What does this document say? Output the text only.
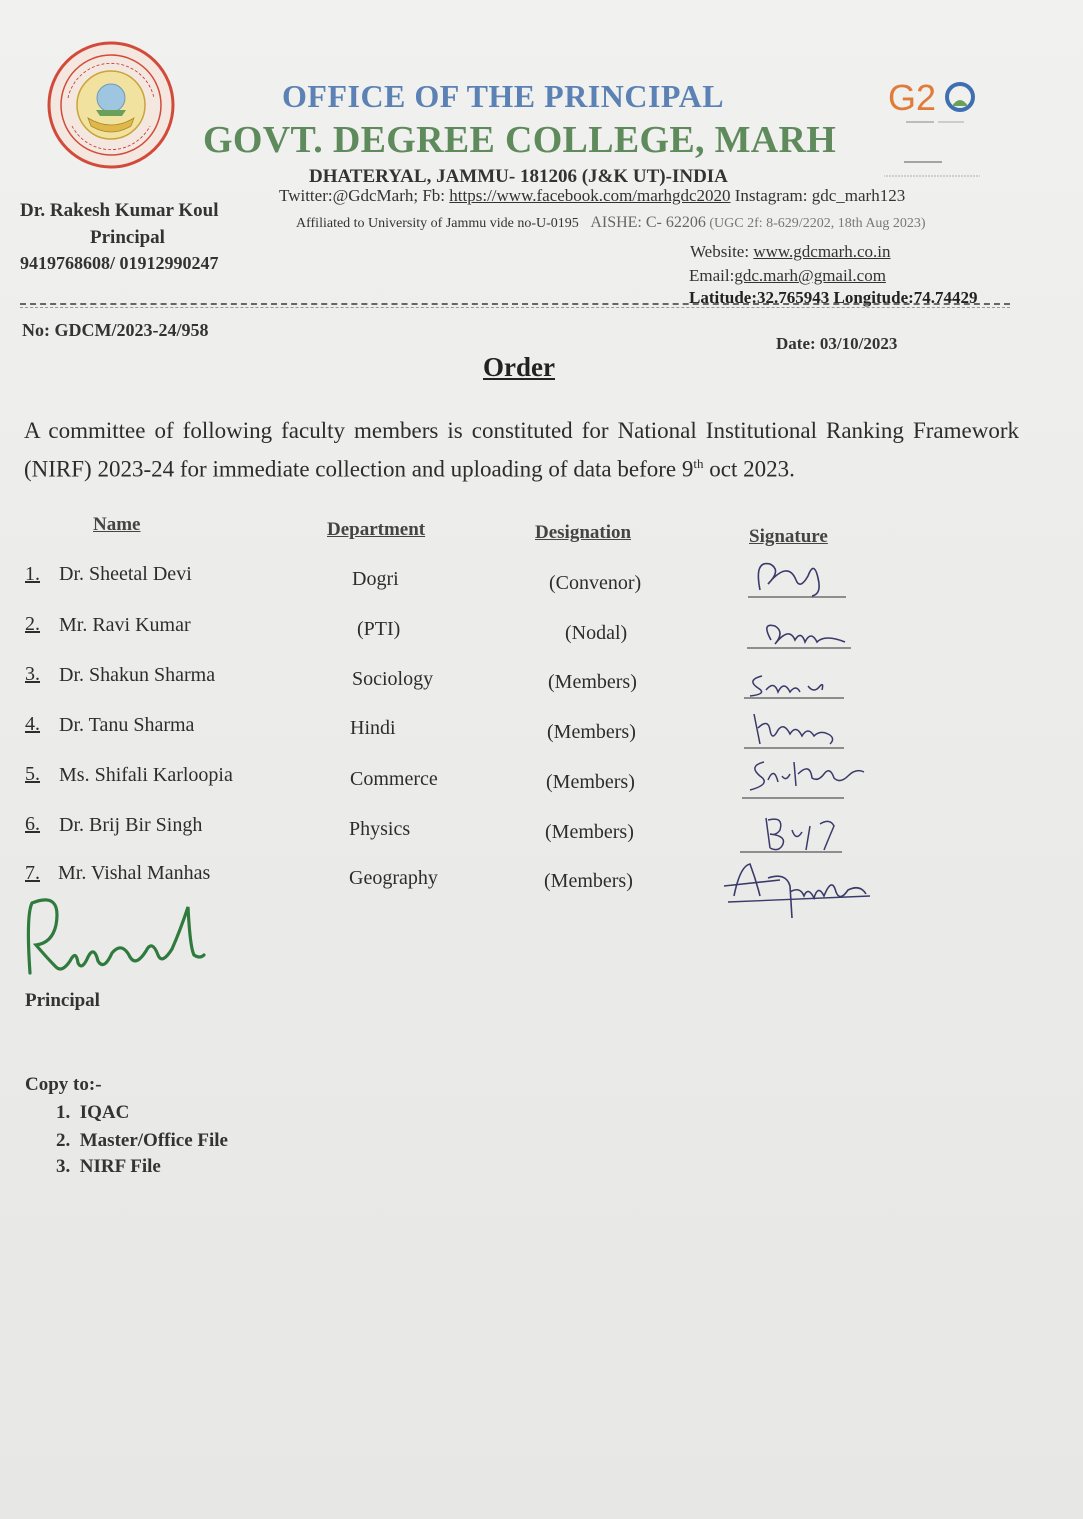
OFFICE OF THE PRINCIPAL
GOVT. DEGREE COLLEGE, MARH
DHATERYAL, JAMMU- 181206 (J&K UT)-INDIA
Twitter:@GdcMarh; Fb: https://www.facebook.com/marhgdc2020 Instagram: gdc_marh123
Affiliated to University of Jammu vide no-U-0195 AISHE: C- 62206 (UGC 2f: 8-629/2202, 18th Aug 2023)
Website: www.gdcmarh.co.in
Email:gdc.marh@gmail.com
Latitude:32.765943 Longitude:74.74429
Dr. Rakesh Kumar Koul
Principal
9419768608/ 01912990247
G2
No: GDCM/2023-24/958
Date: 03/10/2023
Order
A committee of following faculty members is constituted for National Institutional Ranking Framework (NIRF) 2023-24 for immediate collection and uploading of data before 9th oct 2023.
Name	Department	Designation	Signature
1. Dr. Sheetal Devi	Dogri	(Convenor)
2. Mr. Ravi Kumar	(PTI)	(Nodal)
3. Dr. Shakun Sharma	Sociology	(Members)
4. Dr. Tanu Sharma	Hindi	(Members)
5. Ms. Shifali Karloopia	Commerce	(Members)
6. Dr. Brij Bir Singh	Physics	(Members)
7. Mr. Vishal Manhas	Geography	(Members)
Principal
Copy to:-
1. IQAC
2. Master/Office File
3. NIRF File
